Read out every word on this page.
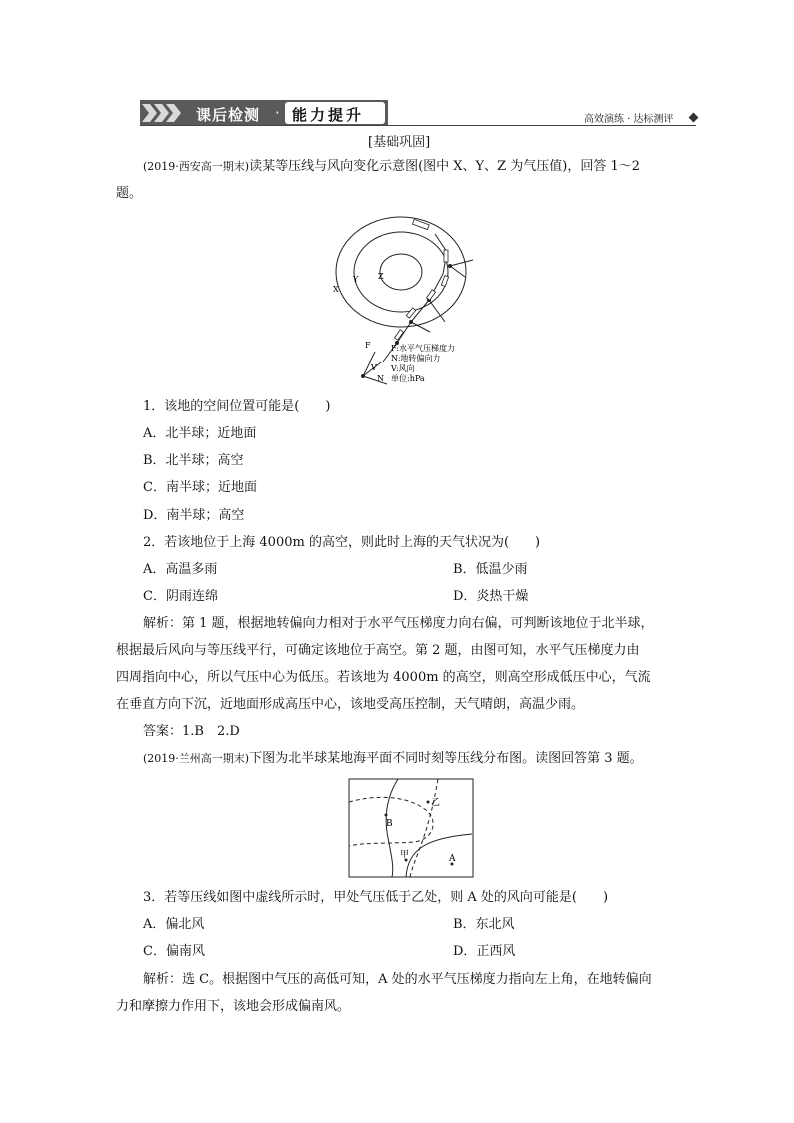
课后检测 · 能力提升	高效演练 · 达标测评
[基础巩固]
(2019·西安高一期末)读某等压线与风向变化示意图(图中 X、Y、Z 为气压值)，回答 1～2
题。
X
Y Z
F
V
N
F:水平气压梯度力
N:地转偏向力
V:风向
单位:hPa
1．该地的空间位置可能是(　　)
A．北半球；近地面
B．北半球；高空
C．南半球；近地面
D．南半球；高空
2．若该地位于上海 4000m 的高空，则此时上海的天气状况为(　　)
A．高温多雨	B．低温少雨
C．阴雨连绵	D．炎热干燥
解析：第 1 题，根据地转偏向力相对于水平气压梯度力向右偏，可判断该地位于北半球，
根据最后风向与等压线平行，可确定该地位于高空。第 2 题，由图可知，水平气压梯度力由
四周指向中心，所以气压中心为低压。若该地为 4000m 的高空，则高空形成低压中心，气流
在垂直方向下沉，近地面形成高压中心，该地受高压控制，天气晴朗，高温少雨。
答案：1.B　2.D
(2019·兰州高一期末)下图为北半球某地海平面不同时刻等压线分布图。读图回答第 3 题。
乙
B
甲	A
3．若等压线如图中虚线所示时，甲处气压低于乙处，则 A 处的风向可能是(　　)
A．偏北风	B．东北风
C．偏南风	D．正西风
解析：选 C。根据图中气压的高低可知，A 处的水平气压梯度力指向左上角，在地转偏向
力和摩擦力作用下，该地会形成偏南风。
